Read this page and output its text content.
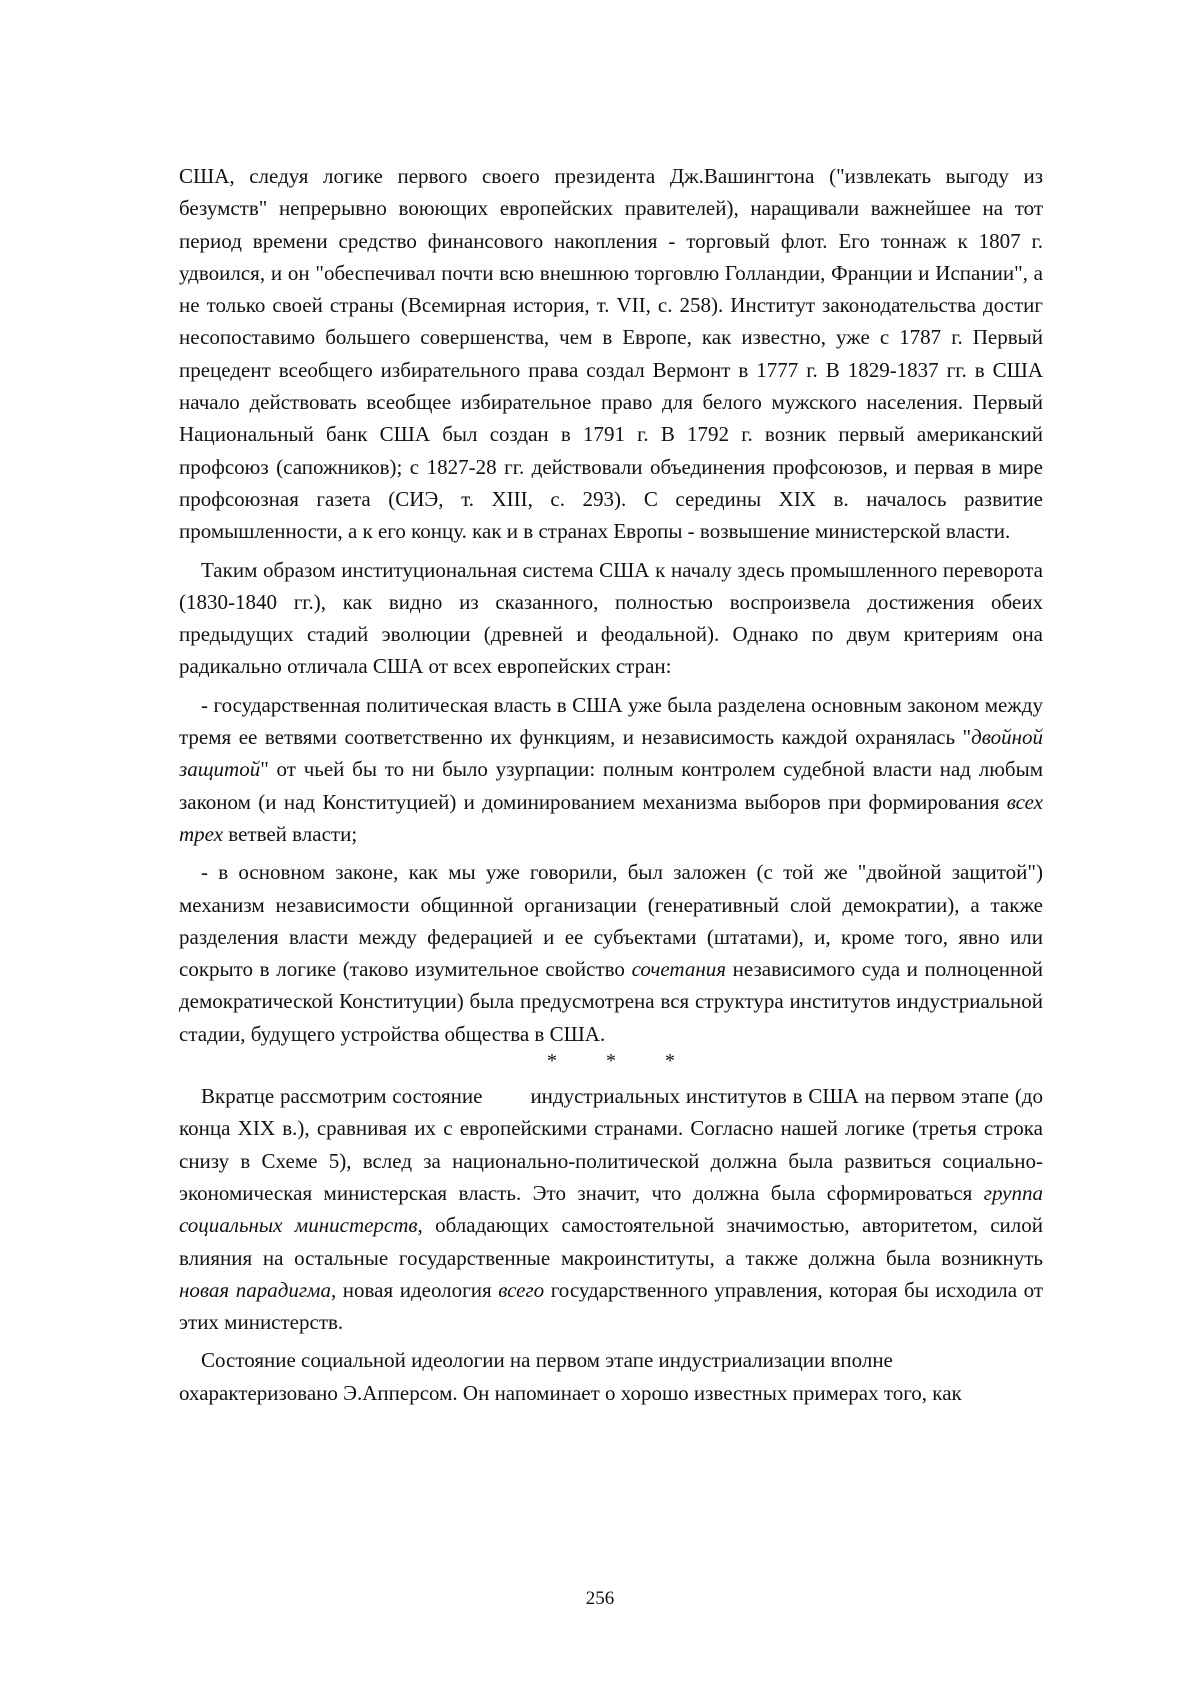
США, следуя логике первого своего президента Дж.Вашингтона ("извлекать выгоду из безумств" непрерывно воюющих европейских правителей), наращивали важнейшее на тот период времени средство финансового накопления - торговый флот. Его тоннаж к 1807 г. удвоился, и он "обеспечивал почти всю внешнюю торговлю Голландии, Франции и Испании", а не только своей страны (Всемирная история, т. VII, с. 258). Институт законодательства достиг несопоставимо большего совершенства, чем в Европе, как известно, уже с 1787 г. Первый прецедент всеобщего избирательного права создал Вермонт в 1777 г. В 1829-1837 гг. в США начало действовать всеобщее избирательное право для белого мужского населения. Первый Национальный банк США был создан в 1791 г. В 1792 г. возник первый американский профсоюз (сапожников); с 1827-28 гг. действовали объединения профсоюзов, и первая в мире профсоюзная газета (СИЭ, т. XIII, с. 293). С середины XIX в. началось развитие промышленности, а к его концу. как и в странах Европы - возвышение министерской власти.

Таким образом институциональная система США к началу здесь промышленного переворота (1830-1840 гг.), как видно из сказанного, полностью воспроизвела достижения обеих предыдущих стадий эволюции (древней и феодальной). Однако по двум критериям она радикально отличала США от всех европейских стран:

- государственная политическая власть в США уже была разделена основным законом между тремя ее ветвями соответственно их функциям, и независимость каждой охранялась "двойной защитой" от чьей бы то ни было узурпации: полным контролем судебной власти над любым законом (и над Конституцией) и доминированием механизма выборов при формирования всех трех ветвей власти;

- в основном законе, как мы уже говорили, был заложен (с той же "двойной защитой") механизм независимости общинной организации (генеративный слой демократии), а также разделения власти между федерацией и ее субъектами (штатами), и, кроме того, явно или сокрыто в логике (таково изумительное свойство сочетания независимого суда и полноценной демократической Конституции) была предусмотрена вся структура институтов индустриальной стадии, будущего устройства общества в США.

* * *

Вкратце рассмотрим состояние индустриальных институтов в США на первом этапе (до конца XIX в.), сравнивая их с европейскими странами. Согласно нашей логике (третья строка снизу в Схеме 5), вслед за национально-политической должна была развиться социально-экономическая министерская власть. Это значит, что должна была сформироваться группа социальных министерств, обладающих самостоятельной значимостью, авторитетом, силой влияния на остальные государственные макроинституты, а также должна была возникнуть новая парадигма, новая идеология всего государственного управления, которая бы исходила от этих министерств.

Состояние социальной идеологии на первом этапе индустриализации вполне охарактеризовано Э.Апперсом. Он напоминает о хорошо известных примерах того, как

256
